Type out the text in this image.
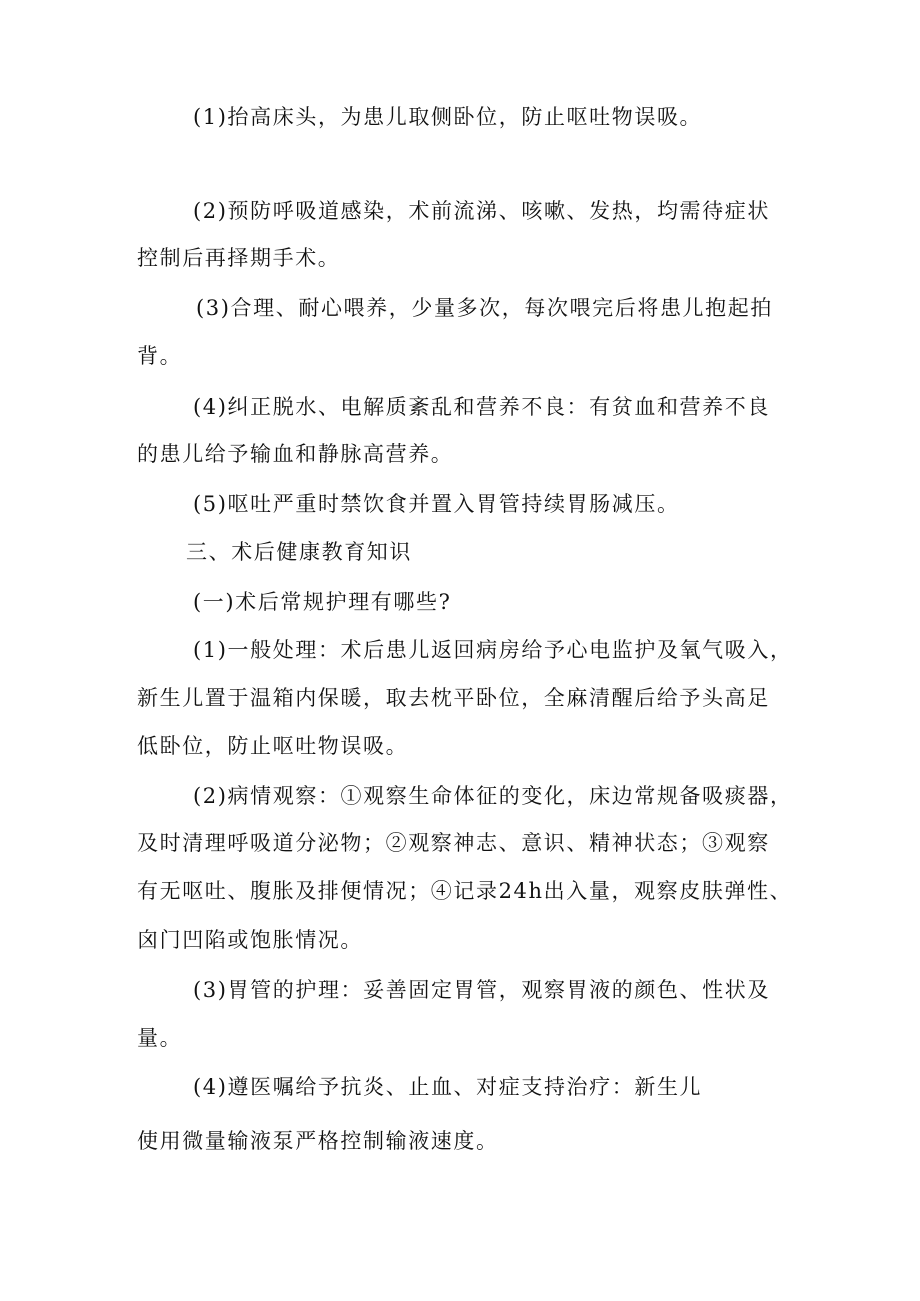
(1)抬高床头，为患儿取侧卧位，防止呕吐物误吸。
(2)预防呼吸道感染，术前流涕、咳嗽、发热，均需待症状
控制后再择期手术。
(3)合理、耐心喂养，少量多次，每次喂完后将患儿抱起拍
背。
(4)纠正脱水、电解质紊乱和营养不良：有贫血和营养不良
的患儿给予输血和静脉高营养。
(5)呕吐严重时禁饮食并置入胃管持续胃肠减压。
三、术后健康教育知识
(一)术后常规护理有哪些?
(1)一般处理：术后患儿返回病房给予心电监护及氧气吸入，
新生儿置于温箱内保暖，取去枕平卧位，全麻清醒后给予头高足
低卧位，防止呕吐物误吸。
(2)病情观察：①观察生命体征的变化，床边常规备吸痰器，
及时清理呼吸道分泌物；②观察神志、意识、精神状态；③观察
有无呕吐、腹胀及排便情况；④记录24h出入量，观察皮肤弹性、
囟门凹陷或饱胀情况。
(3)胃管的护理：妥善固定胃管，观察胃液的颜色、性状及
量。
(4)遵医嘱给予抗炎、止血、对症支持治疗：新生儿
使用微量输液泵严格控制输液速度。
